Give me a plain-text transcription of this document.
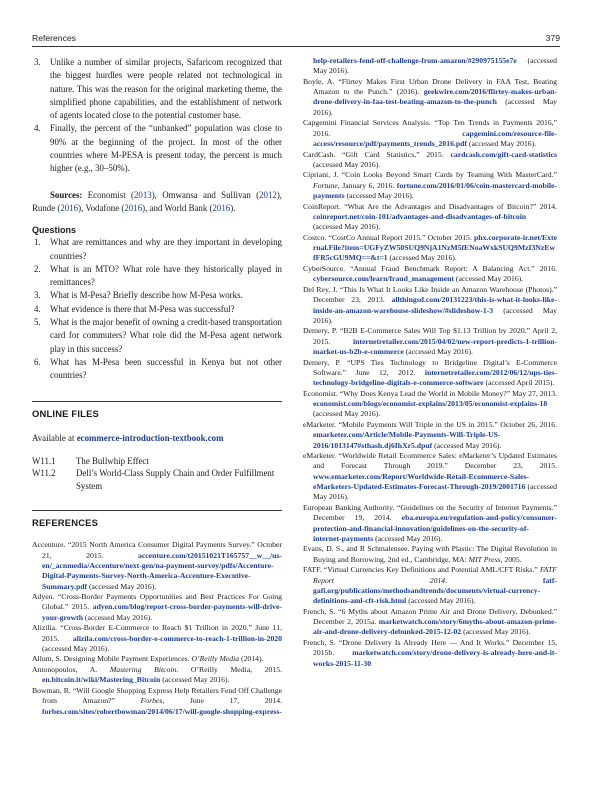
References	379
3. Unlike a number of similar projects, Safaricom recognized that the biggest hurdles were people related not technological in nature. This was the reason for the original marketing theme, the simplified phone capabilities, and the establishment of network of agents located close to the potential customer base.
4. Finally, the percent of the “unbanked” population was close to 90% at the beginning of the project. In most of the other countries where M-PESA is present today, the percent is much higher (e.g., 30–50%).
Sources: Economist (2013), Omwansa and Sullivan (2012), Runde (2016), Vodafone (2016), and World Bank (2016).
Questions
1. What are remittances and why are they important in developing countries?
2. What is an MTO? What role have they historically played in remittances?
3. What is M-Pesa? Briefly describe how M-Pesa works.
4. What evidence is there that M-Pesa was successful?
5. What is the major benefit of owning a credit-based transportation card for commuters? What role did the M-Pesa agent network play in this success?
6. What has M-Pesa been successful in Kenya but not other countries?
ONLINE FILES
Available at ecommerce-introduction-textbook.com
W11.1 The Bullwhip Effect
W11.2 Dell’s World-Class Supply Chain and Order Fulfillment System
REFERENCES
Accenture. “2015 North America Consumer Digital Payments Survey.” October 21, 2015. accenture.com/t20151021T165757__w__/us-en/_acnmedia/Accenture/next-gen/na-payment-survey/pdfs/Accenture-Digital-Payments-Survey-North-America-Accenture-Executive-Summary.pdf (accessed May 2016).
Adyen. “Cross-Border Payments Opportunities and Best Practices For Going Global.” 2015. adyen.com/blog/report-cross-border-payments-will-drive-your-growth (accessed May 2016).
Alizilia. “Cross-Border E-Commerce to Reach $1 Trillion in 2020.” June 11, 2015. alizila.com/cross-border-e-commerce-to-reach-1-trillion-in-2020 (accessed May 2016).
Allum, S. Designing Mobile Payment Experiences. O’Reilly Media (2014).
Antonopoulos, A. Mastering Bitcoin. O’Reilly Media, 2015. en.bitcoin.it/wiki/Mastering_Bitcoin (accessed May 2016).
Bowman, R. “Will Google Shopping Express Help Retailers Fend Off Challenge from Amazon?” Forbes, June 17, 2014. forbes.com/sites/robertbowman/2014/06/17/will-google-shopping-express-
help-retailers-fend-off-challenge-from-amazon/#290975155e7e (accessed May 2016).
Boyle, A. “Flirtey Makes First Urban Drone Delivery in FAA Test, Beating Amazon to the Punch.” (2016). geekwire.com/2016/flirtey-makes-urban-drone-delivery-in-faa-test-beating-amazon-to-the-punch (accessed May 2016).
Capgemini Financial Services Analysis. “Top Ten Trends in Payments 2016,” 2016. capgemini.com/resource-file-access/resource/pdf/payments_trends_2016.pdf (accessed May 2016).
CardCash. “Gift Card Statistics,” 2015. cardcash.com/gift-card-statistics (accessed May 2016).
Cipriani, J. “Coin Looks Beyond Smart Cards by Teaming With MasterCard.” Fortune, January 6, 2016. fortune.com/2016/01/06/coin-mastercard-mobile-payments (accessed May 2016).
CoinReport. “What Are the Advantages and Disadvantages of Bitcoin?” 2014. coinreport.net/coin-101/advantages-and-disadvantages-of-bitcoin (accessed May 2016).
Costco. “CostCo Annual Report 2015.” October 2015. phx.corporate-ir.net/External.File?item=UGFyZW50SUQ9NjA1NzM5fENoaWxkSUQ9MzI3NzEwfFR5cGU9MQ==&t=1 (accessed May 2016).
CyberSource. “Annual Fraud Benchmark Report: A Balancing Act.” 2016. cybersource.com/learn/fraud_management (accessed May 2016).
Del Rey, J. “This Is What It Looks Like Inside an Amazon Warehouse (Photos).” December 23, 2013. allthingsd.com/20131223/this-is-what-it-looks-like-inside-an-amazon-warehouse-slideshow/#slideshow-1-3 (accessed May 2016).
Demery, P. “B2B E-Commerce Sales Will Top $1.13 Trillion by 2020.” April 2, 2015. internetretailer.com/2015/04/02/new-report-predicts-1-trillion-market-us-b2b-e-commerce (accessed May 2016).
Demery, P. “UPS Ties Technology to Bridgeline Digital’s E-Commerce Software.” June 12, 2012. internetretailer.com/2012/06/12/ups-ties-technology-bridgeline-digitals-e-commerce-software (accessed April 2015).
Economist. “Why Does Kenya Lead the World in Mobile Money?” May 27, 2013. economist.com/blogs/economist-explains/2013/05/economist-explains-18 (accessed May 2016).
eMarketer. “Mobile Payments Will Triple in the US in 2015.” October 26, 2016. emarketer.com/Article/Mobile-Payments-Will-Triple-US-2016/1013147#sthash.dj6IhXr5.dpuf (accessed May 2016).
eMarketer. “Worldwide Retail Ecommerce Sales: eMarketer’s Updated Estimates and Forecast Through 2019.” December 23, 2015. www.emarketer.com/Report/Worldwide-Retail-Ecommerce-Sales-eMarketers-Updated-Estimates-Forecast-Through-2019/2001716 (accessed May 2016).
European Banking Authority. “Guidelines on the Security of Internet Payments.” December 19, 2014. eba.europa.eu/regulation-and-policy/consumer-protection-and-financial-innovation/guidelines-on-the-security-of-internet-payments (accessed May 2016).
Evans, D. S., and R Schmalensee. Paying with Plastic: The Digital Revolution in Buying and Borrowing, 2nd ed., Cambridge, MA: MIT Press, 2005.
FATF. “Virtual Currencies Key Definitions and Potential AML/CFT Risks.” FATF Report 2014. fatf-gafi.org/publications/methodsandtrends/documents/virtual-currency-definitions-aml-cft-risk.html (accessed May 2016).
French, S. “6 Myths about Amazon Prime Air and Drone Delivery, Debunked.” December 2, 2015a. marketwatch.com/story/6myths-about-amazon-prime-air-and-drone-delivery-debunked-2015-12-02 (accessed May 2016).
French, S. “Drone Delivery Is Already Here — And It Works.” December 15, 2015b. marketwatch.com/story/drone-delivery-is-already-here-and-it-works-2015-11-30
